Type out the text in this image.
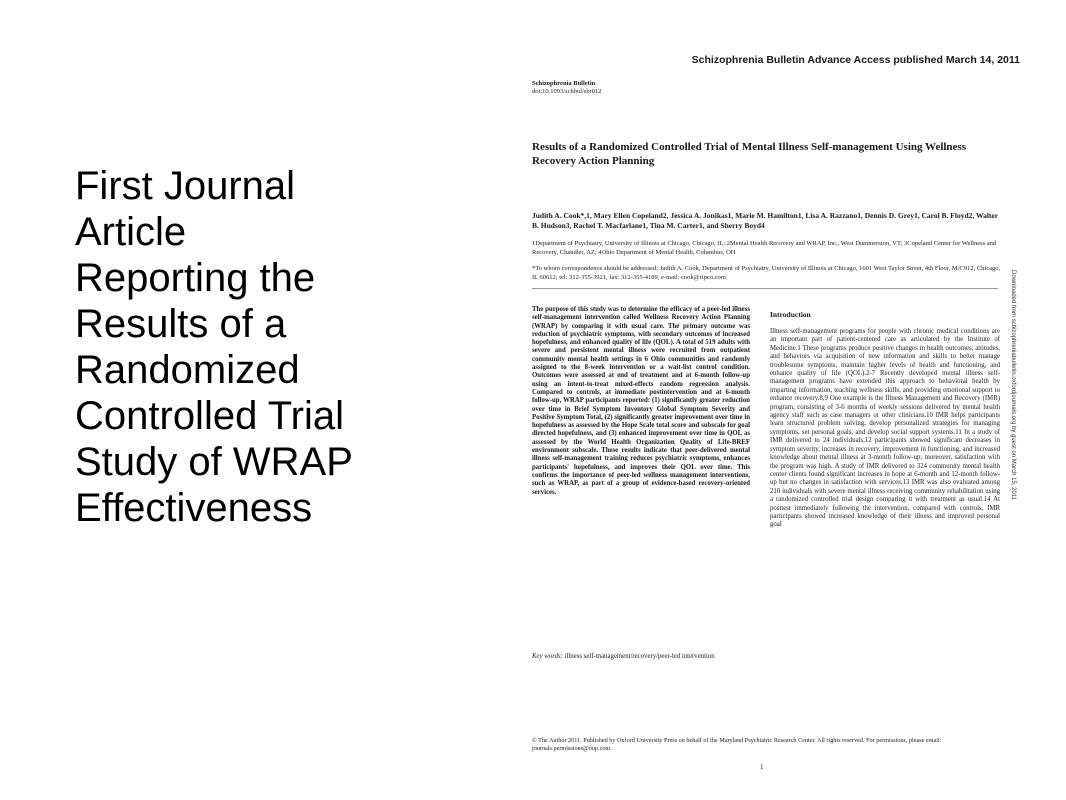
First Journal
Article
Reporting the
Results of a
Randomized
Controlled Trial
Study of WRAP
Effectiveness
Schizophrenia Bulletin Advance Access published March 14, 2011
Schizophrenia Bulletin
doi:10.1093/schbul/sbr012
Results of a Randomized Controlled Trial of Mental Illness Self-management Using Wellness Recovery Action Planning
Judith A. Cook*,1, Mary Ellen Copeland2, Jessica A. Jonikas1, Marie M. Hamilton1, Lisa A. Razzano1, Dennis D. Grey1, Carol B. Floyd2, Walter B. Hudson3, Rachel T. Macfarlane1, Tina M. Carter1, and Sherry Boyd4
1Department of Psychiatry, University of Illinois at Chicago, Chicago, IL; 2Mental Health Recovery and WRAP, Inc., West Dummerston, VT; 3Copeland Center for Wellness and Recovery, Chandler, AZ; 4Ohio Department of Mental Health, Columbus, OH
*To whom correspondence should be addressed; Judith A. Cook, Department of Psychiatry, University of Illinois at Chicago, 1601 West Taylor Street, 4th Floor, M/C912, Chicago, IL 60612; tel: 312-355-3921, fax: 312-355-4189, e-mail: cook@ripco.com
The purpose of this study was to determine the efficacy of a peer-led illness self-management intervention called Wellness Recovery Action Planning (WRAP) by comparing it with usual care. The primary outcome was reduction of psychiatric symptoms, with secondary outcomes of increased hopefulness, and enhanced quality of life (QOL). A total of 519 adults with severe and persistent mental illness were recruited from outpatient community mental health settings in 6 Ohio communities and randomly assigned to the 8-week intervention or a wait-list control condition. Outcomes were assessed at end of treatment and at 6-month follow-up using an intent-to-treat mixed-effects random regression analysis. Compared to controls, at immediate postintervention and at 6-month follow-up, WRAP participants reported: (1) significantly greater reduction over time in Brief Symptom Inventory Global Symptom Severity and Positive Symptom Total, (2) significantly greater improvement over time in hopefulness as assessed by the Hope Scale total score and subscale for goal directed hopefulness, and (3) enhanced improvement over time in QOL as assessed by the World Health Organization Quality of Life-BREF environment subscale. These results indicate that peer-delivered mental illness self-management training reduces psychiatric symptoms, enhances participants' hopefulness, and improves their QOL over time. This confirms the importance of peer-led wellness management interventions, such as WRAP, as part of a group of evidence-based recovery-oriented services.
Key words: illness self-management/recovery/peer-led intervention
Introduction
Illness self-management programs for people with chronic medical conditions are an important part of patient-centered care as articulated by the Institute of Medicine.1 These programs produce positive changes in health outcomes, attitudes, and behaviors via acquisition of new information and skills to better manage troublesome symptoms, maintain higher levels of health and functioning, and enhance quality of life (QOL).2-7 Recently developed mental illness self-management programs have extended this approach to behavioral health by imparting information, teaching wellness skills, and providing emotional support to enhance recovery.8,9 One example is the Illness Management and Recovery (IMR) program, consisting of 3-6 months of weekly sessions delivered by mental health agency staff such as case managers or other clinicians.10 IMR helps participants learn structured problem solving, develop personalized strategies for managing symptoms, set personal goals, and develop social support systems.11 In a study of IMR delivered to 24 individuals,12 participants showed significant decreases in symptom severity, increases in recovery, improvement in functioning, and increased knowledge about mental illness at 3-month follow-up; moreover, satisfaction with the program was high. A study of IMR delivered to 324 community mental health center clients found significant increases in hope at 6-month and 12-month follow-up but no changes in satisfaction with services.13 IMR was also evaluated among 210 individuals with severe mental illness receiving community rehabilitation using a randomized controlled trial design comparing it with treatment as usual.14 At posttest immediately following the intervention, compared with controls, IMR participants showed increased knowledge of their illness and improved personal goal
Downloaded from schizophreniabulletin.oxfordjournals.org by guest on March 15, 2011
© The Author 2011. Published by Oxford University Press on behalf of the Maryland Psychiatric Research Center. All rights reserved. For permissions, please email: journals.permissions@oup.com.
1
